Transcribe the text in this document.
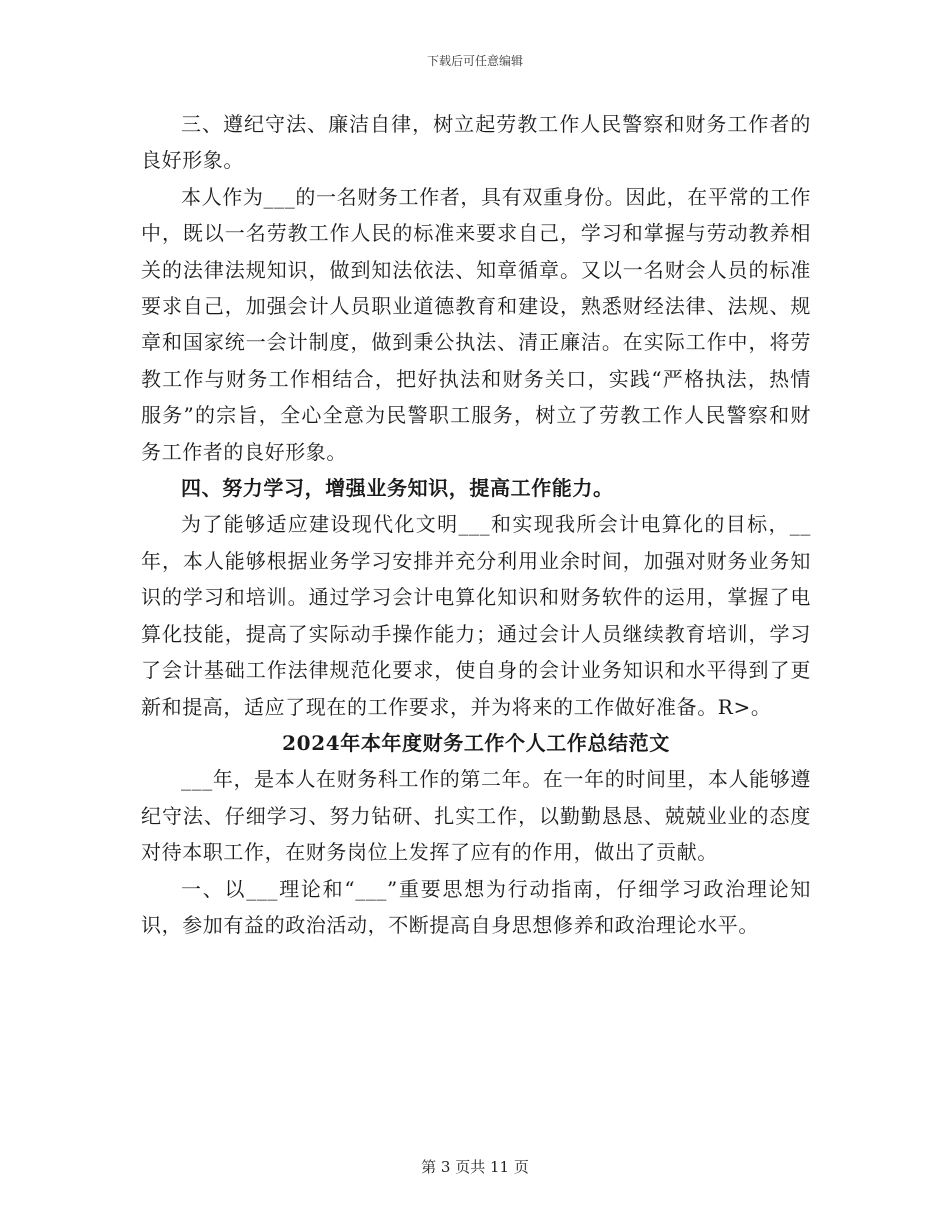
下载后可任意编辑

三、遵纪守法、廉洁自律，树立起劳教工作人民警察和财务工作者的良好形象。

本人作为___的一名财务工作者，具有双重身份。因此，在平常的工作中，既以一名劳教工作人民的标准来要求自己，学习和掌握与劳动教养相关的法律法规知识，做到知法依法、知章循章。又以一名财会人员的标准要求自己，加强会计人员职业道德教育和建设，熟悉财经法律、法规、规章和国家统一会计制度，做到秉公执法、清正廉洁。在实际工作中，将劳教工作与财务工作相结合，把好执法和财务关口，实践“严格执法，热情服务”的宗旨，全心全意为民警职工服务，树立了劳教工作人民警察和财务工作者的良好形象。

四、努力学习，增强业务知识，提高工作能力。

为了能够适应建设现代化文明___和实现我所会计电算化的目标，__年，本人能够根据业务学习安排并充分利用业余时间，加强对财务业务知识的学习和培训。通过学习会计电算化知识和财务软件的运用，掌握了电算化技能，提高了实际动手操作能力；通过会计人员继续教育培训，学习了会计基础工作法律规范化要求，使自身的会计业务知识和水平得到了更新和提高，适应了现在的工作要求，并为将来的工作做好准备。R>。

2024年本年度财务工作个人工作总结范文

___年，是本人在财务科工作的第二年。在一年的时间里，本人能够遵纪守法、仔细学习、努力钻研、扎实工作，以勤勤恳恳、兢兢业业的态度对待本职工作，在财务岗位上发挥了应有的作用，做出了贡献。

一、以___理论和“___”重要思想为行动指南，仔细学习政治理论知识，参加有益的政治活动，不断提高自身思想修养和政治理论水平。

第 3 页共 11 页
